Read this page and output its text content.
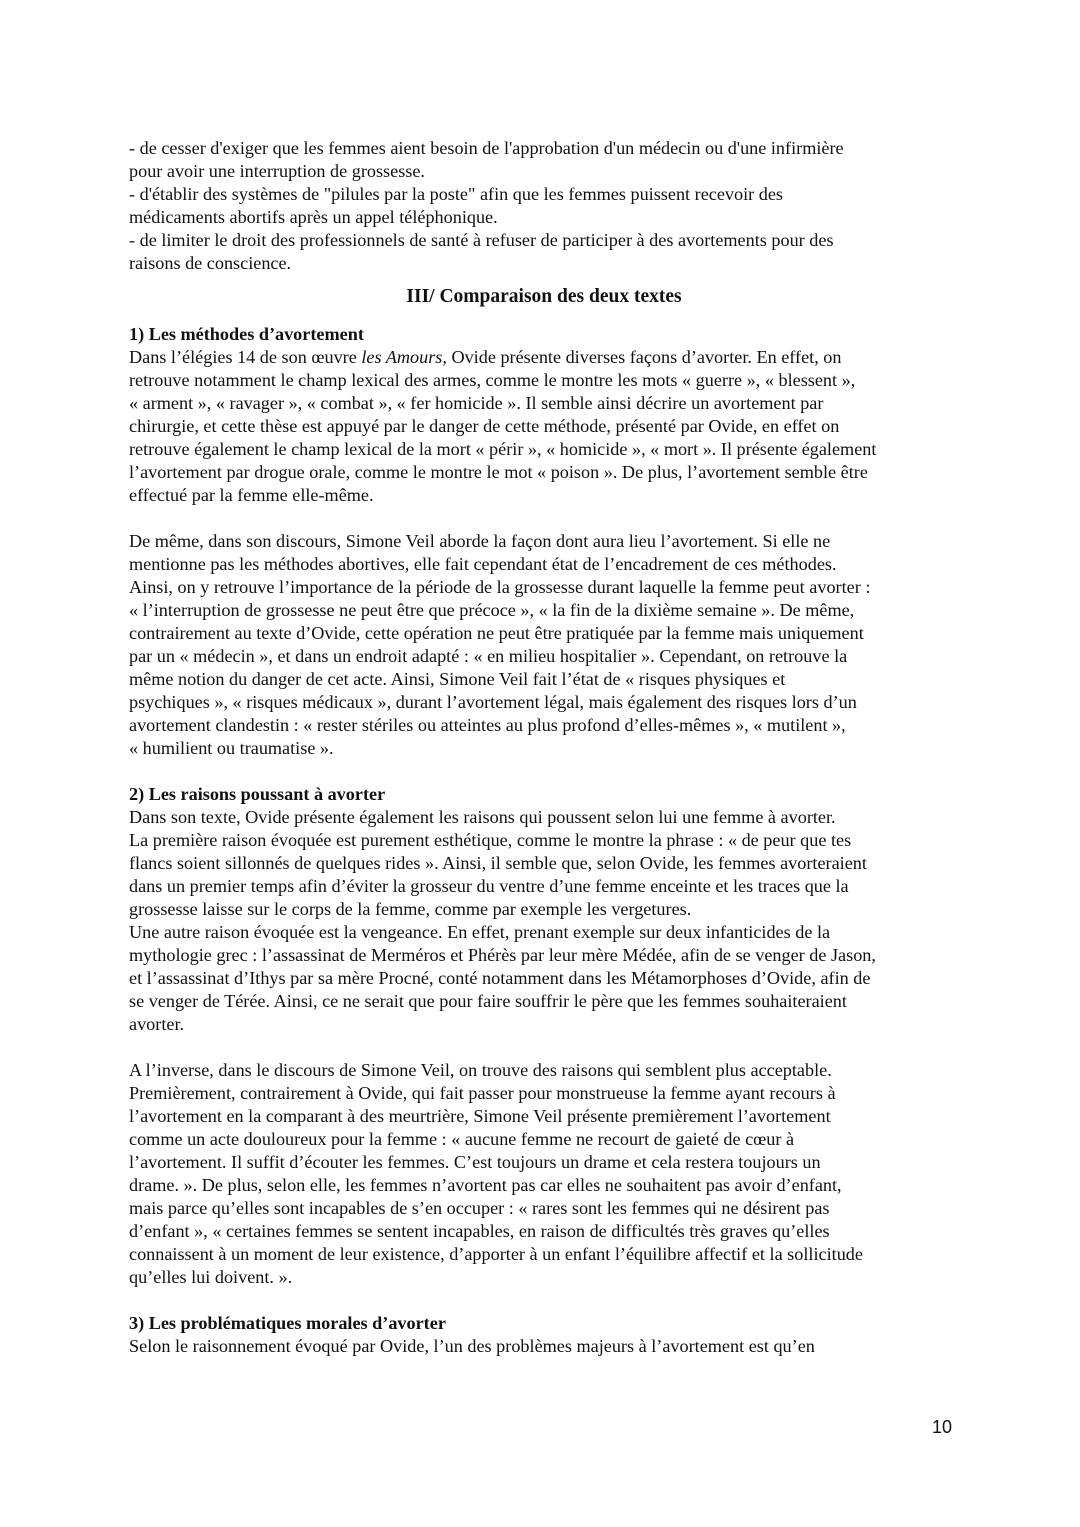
- de cesser d'exiger que les femmes aient besoin de l'approbation d'un médecin ou d'une infirmière
pour avoir une interruption de grossesse.
- d'établir des systèmes de "pilules par la poste" afin que les femmes puissent recevoir des
médicaments abortifs après un appel téléphonique.
- de limiter le droit des professionnels de santé à refuser de participer à des avortements pour des
raisons de conscience.
III/ Comparaison des deux textes
1) Les méthodes d’avortement
Dans l’élégies 14 de son œuvre les Amours, Ovide présente diverses façons d’avorter. En effet, on
retrouve notamment le champ lexical des armes, comme le montre les mots « guerre », « blessent »,
« arment », « ravager », « combat », « fer homicide ». Il semble ainsi décrire un avortement par
chirurgie, et cette thèse est appuyé par le danger de cette méthode, présenté par Ovide, en effet on
retrouve également le champ lexical de la mort « périr », « homicide », « mort ». Il présente également
l’avortement par drogue orale, comme le montre le mot « poison ». De plus, l’avortement semble être
effectué par la femme elle-même.
De même, dans son discours, Simone Veil aborde la façon dont aura lieu l’avortement. Si elle ne
mentionne pas les méthodes abortives, elle fait cependant état de l’encadrement de ces méthodes.
Ainsi, on y retrouve l’importance de la période de la grossesse durant laquelle la femme peut avorter :
« l’interruption de grossesse ne peut être que précoce », « la fin de la dixième semaine ». De même,
contrairement au texte d’Ovide, cette opération ne peut être pratiquée par la femme mais uniquement
par un « médecin », et dans un endroit adapté : « en milieu hospitalier ». Cependant, on retrouve la
même notion du danger de cet acte. Ainsi, Simone Veil fait l’état de « risques physiques et
psychiques », « risques médicaux », durant l’avortement légal, mais également des risques lors d’un
avortement clandestin : « rester stériles ou atteintes au plus profond d’elles-mêmes », « mutilent »,
« humilient ou traumatise ».
2) Les raisons poussant à avorter
Dans son texte, Ovide présente également les raisons qui poussent selon lui une femme à avorter.
La première raison évoquée est purement esthétique, comme le montre la phrase : « de peur que tes
flancs soient sillonnés de quelques rides ». Ainsi, il semble que, selon Ovide, les femmes avorteraient
dans un premier temps afin d’éviter la grosseur du ventre d’une femme enceinte et les traces que la
grossesse laisse sur le corps de la femme, comme par exemple les vergetures.
Une autre raison évoquée est la vengeance. En effet, prenant exemple sur deux infanticides de la
mythologie grec : l’assassinat de Merméros et Phérès par leur mère Médée, afin de se venger de Jason,
et l’assassinat d’Ithys par sa mère Procné, conté notamment dans les Métamorphoses d’Ovide, afin de
se venger de Térée. Ainsi, ce ne serait que pour faire souffrir le père que les femmes souhaiteraient
avorter.
A l’inverse, dans le discours de Simone Veil, on trouve des raisons qui semblent plus acceptable.
Premièrement, contrairement à Ovide, qui fait passer pour monstrueuse la femme ayant recours à
l’avortement en la comparant à des meurtrière, Simone Veil présente premièrement l’avortement
comme un acte douloureux pour la femme : « aucune femme ne recourt de gaieté de cœur à
l’avortement. Il suffit d’écouter les femmes. C’est toujours un drame et cela restera toujours un
drame. ». De plus, selon elle, les femmes n’avortent pas car elles ne souhaitent pas avoir d’enfant,
mais parce qu’elles sont incapables de s’en occuper : « rares sont les femmes qui ne désirent pas
d’enfant », « certaines femmes se sentent incapables, en raison de difficultés très graves qu’elles
connaissent à un moment de leur existence, d’apporter à un enfant l’équilibre affectif et la sollicitude
qu’elles lui doivent. ».
3) Les problématiques morales d’avorter
Selon le raisonnement évoqué par Ovide, l’un des problèmes majeurs à l’avortement est qu’en
10
